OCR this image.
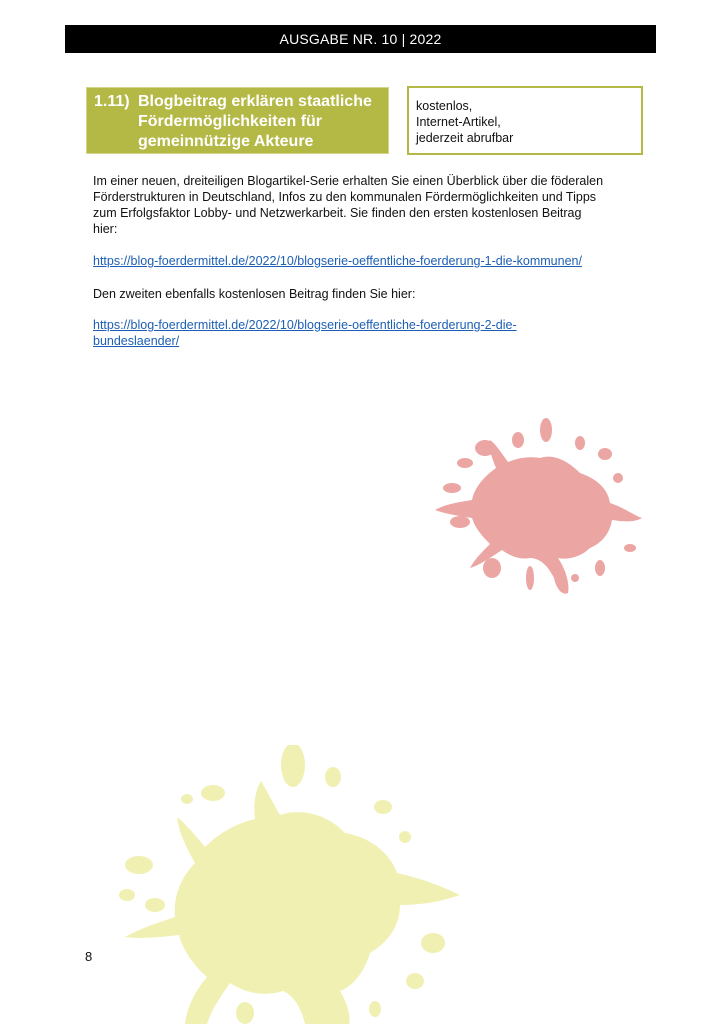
AUSGABE NR. 10 | 2022
1.11) Blogbeitrag erklären staatliche
Fördermöglichkeiten für
gemeinnützige Akteure
kostenlos,
Internet-Artikel,
jederzeit abrufbar
Im einer neuen, dreiteiligen Blogartikel-Serie erhalten Sie einen Überblick über die föderalen
Förderstrukturen in Deutschland, Infos zu den kommunalen Fördermöglichkeiten und Tipps
zum Erfolgsfaktor Lobby- und Netzwerkarbeit. Sie finden den ersten kostenlosen Beitrag
hier:
https://blog-foerdermittel.de/2022/10/blogserie-oeffentliche-foerderung-1-die-kommunen/
Den zweiten ebenfalls kostenlosen Beitrag finden Sie hier:
https://blog-foerdermittel.de/2022/10/blogserie-oeffentliche-foerderung-2-die-
bundeslaender/
8
